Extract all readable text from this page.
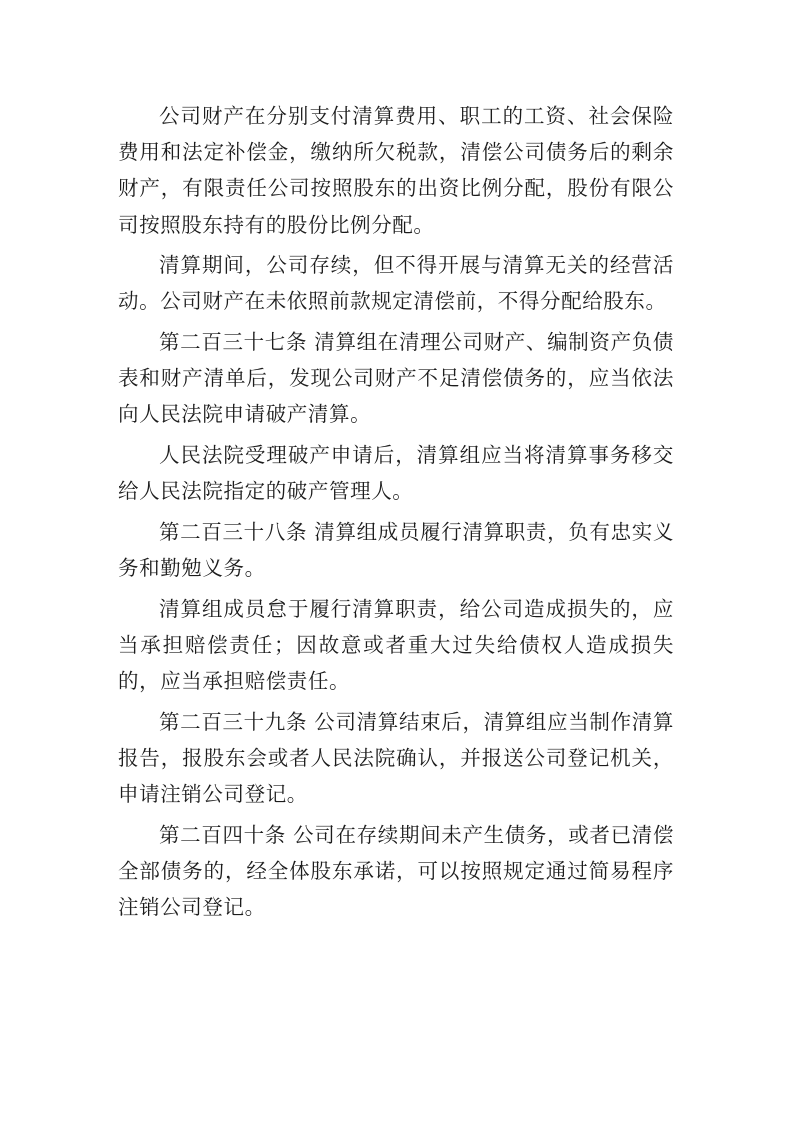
公司财产在分别支付清算费用、职工的工资、社会保险费用和法定补偿金，缴纳所欠税款，清偿公司债务后的剩余财产，有限责任公司按照股东的出资比例分配，股份有限公司按照股东持有的股份比例分配。

清算期间，公司存续，但不得开展与清算无关的经营活动。公司财产在未依照前款规定清偿前，不得分配给股东。

第二百三十七条 清算组在清理公司财产、编制资产负债表和财产清单后，发现公司财产不足清偿债务的，应当依法向人民法院申请破产清算。

人民法院受理破产申请后，清算组应当将清算事务移交给人民法院指定的破产管理人。

第二百三十八条 清算组成员履行清算职责，负有忠实义务和勤勉义务。

清算组成员怠于履行清算职责，给公司造成损失的，应当承担赔偿责任；因故意或者重大过失给债权人造成损失的，应当承担赔偿责任。

第二百三十九条 公司清算结束后，清算组应当制作清算报告，报股东会或者人民法院确认，并报送公司登记机关，申请注销公司登记。

第二百四十条 公司在存续期间未产生债务，或者已清偿全部债务的，经全体股东承诺，可以按照规定通过简易程序注销公司登记。
